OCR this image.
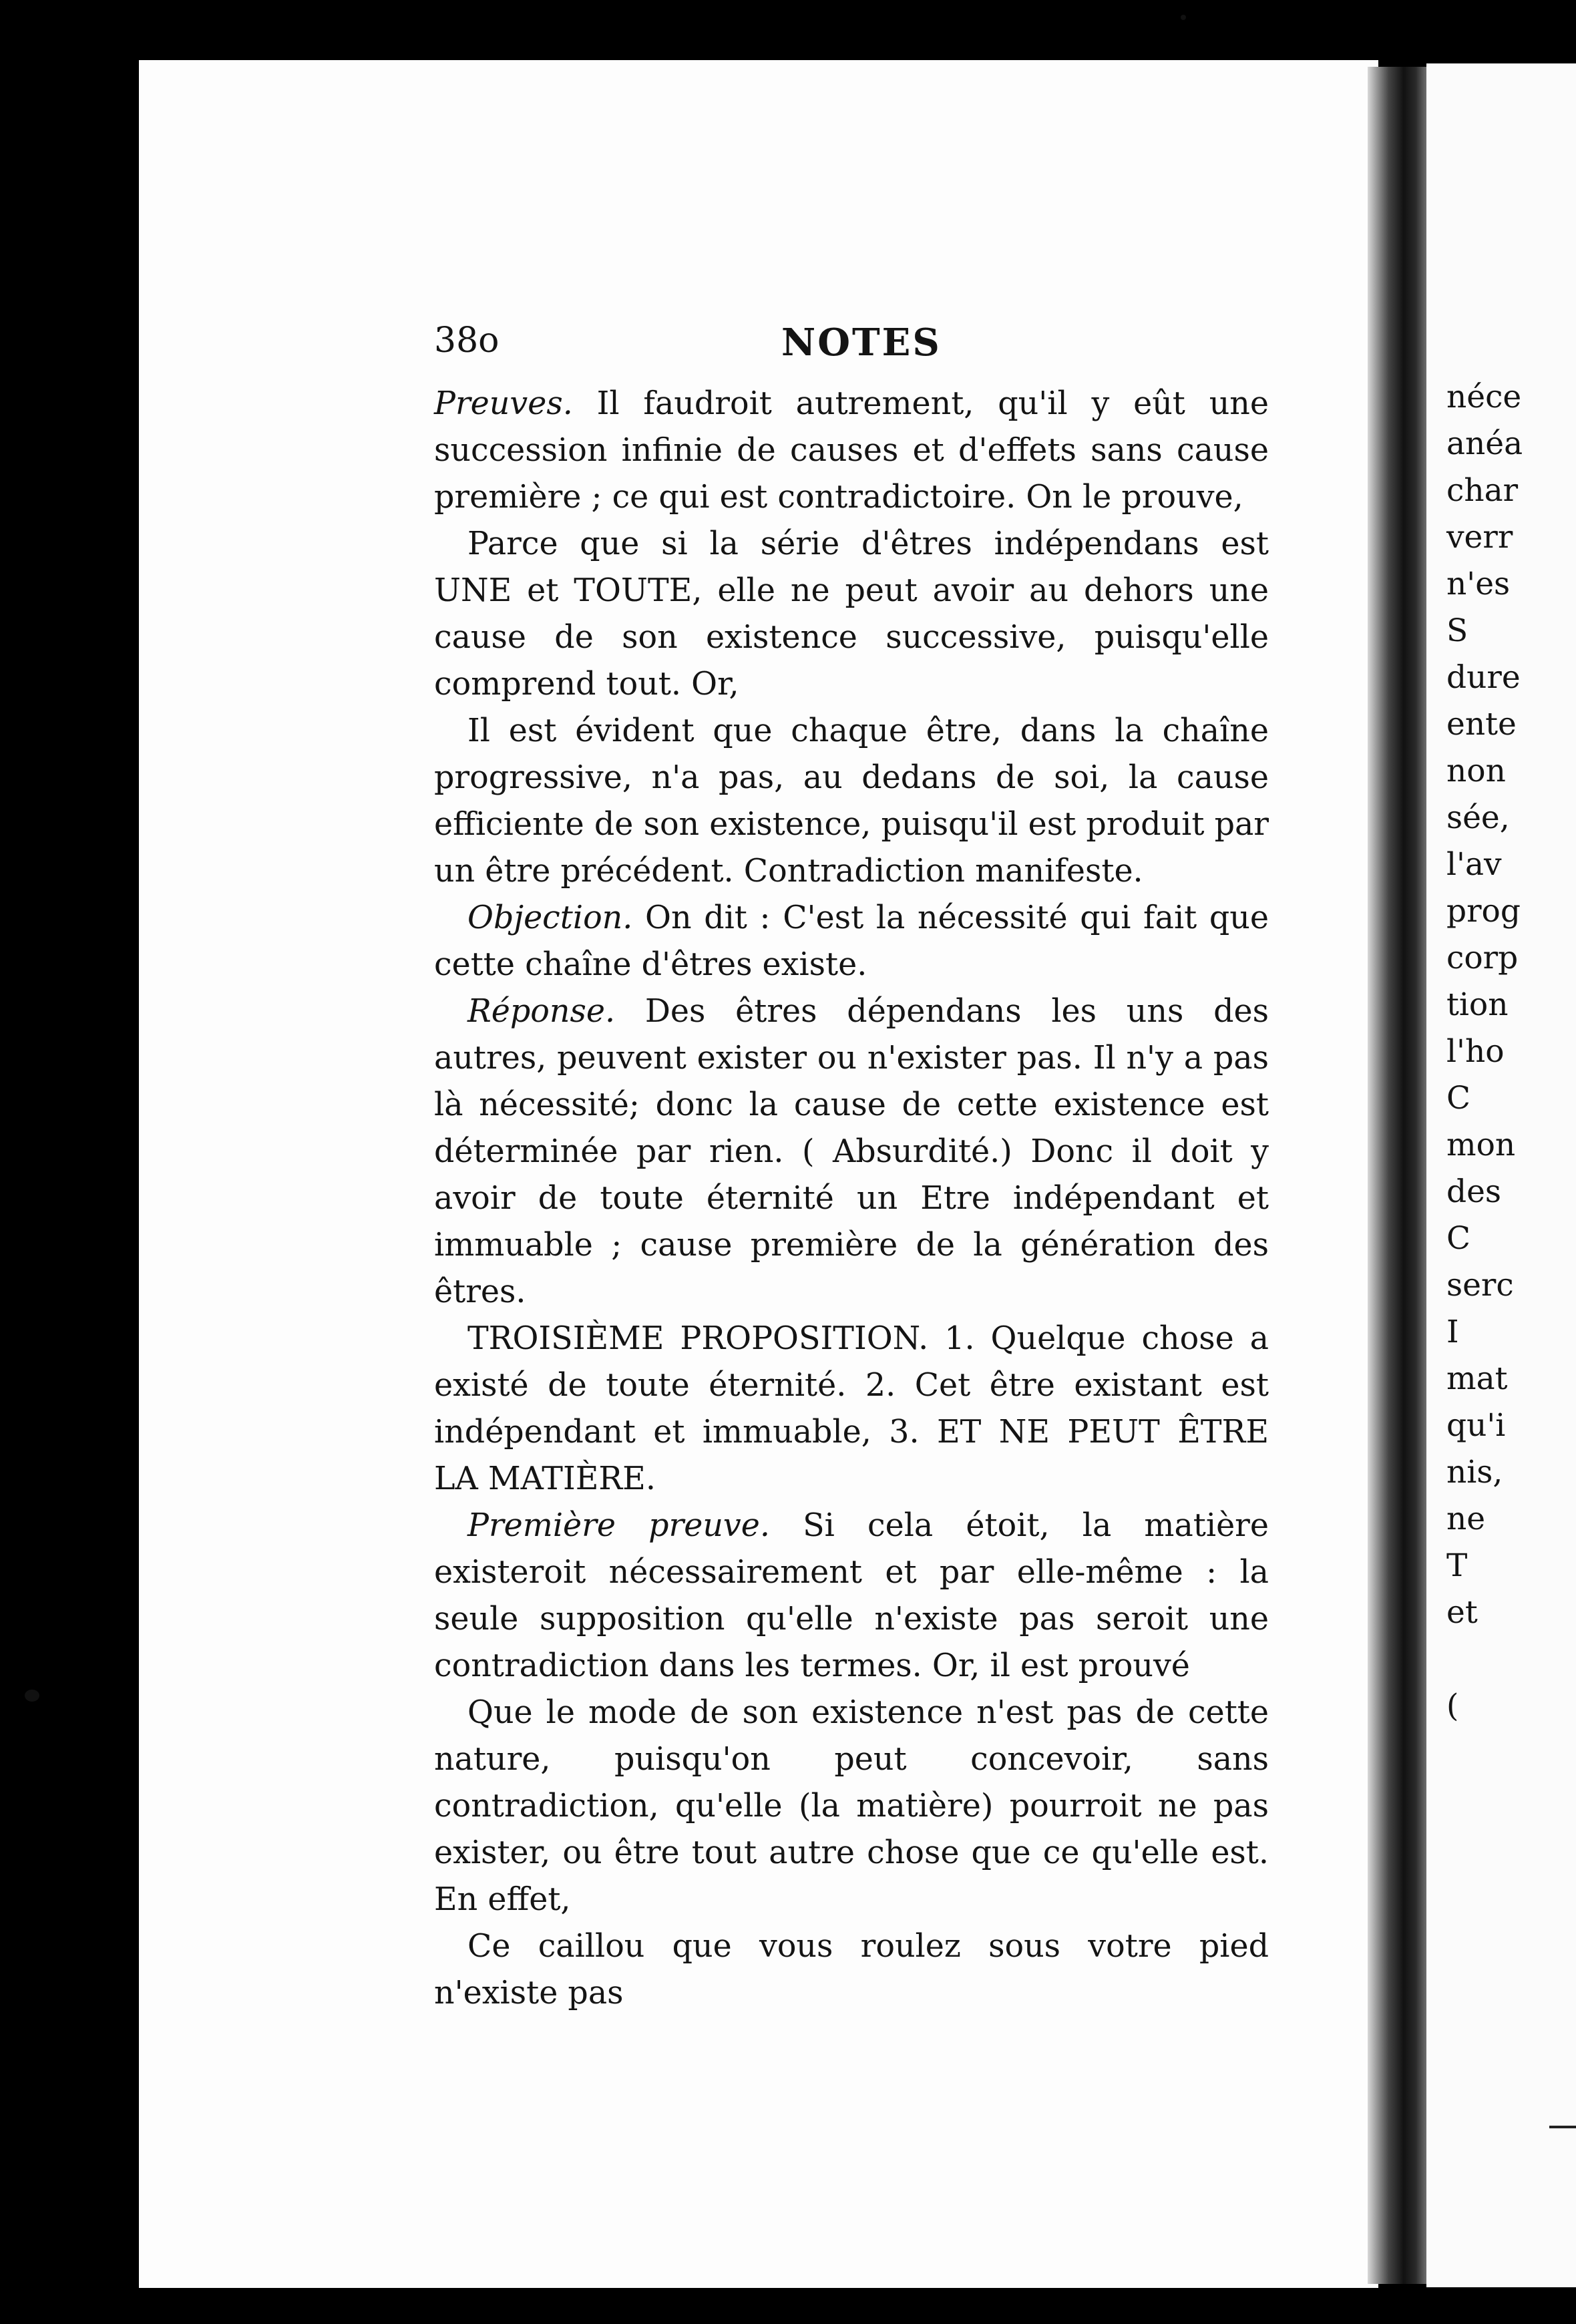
38o	NOTES

Preuves. Il faudroit autrement, qu'il y eût une succession infinie de causes et d'effets sans cause première ; ce qui est contradictoire. On le prouve,

Parce que si la série d'êtres indépendans est UNE et TOUTE, elle ne peut avoir au dehors une cause de son existence successive, puisqu'elle comprend tout. Or,

Il est évident que chaque être, dans la chaîne progressive, n'a pas, au dedans de soi, la cause efficiente de son existence, puisqu'il est produit par un être précédent. Contradiction manifeste.

Objection. On dit : C'est la nécessité qui fait que cette chaîne d'êtres existe.

Réponse. Des êtres dépendans les uns des autres, peuvent exister ou n'exister pas. Il n'y a pas là nécessité; donc la cause de cette existence est déterminée par rien. ( Absurdité.) Donc il doit y avoir de toute éternité un Etre indépendant et immuable ; cause première de la génération des êtres.

TROISIÈME PROPOSITION. 1. Quelque chose a existé de toute éternité. 2. Cet être existant est indépendant et immuable, 3. ET NE PEUT ÊTRE LA MATIÈRE.

Première preuve. Si cela étoit, la matière existeroit nécessairement et par elle-même : la seule supposition qu'elle n'existe pas seroit une contradiction dans les termes. Or, il est prouvé

Que le mode de son existence n'est pas de cette nature, puisqu'on peut concevoir, sans contradiction, qu'elle (la matière) pourroit ne pas exister, ou être tout autre chose que ce qu'elle est. En effet,

Ce caillou que vous roulez sous votre pied n'existe pas

néce
anéa
char
verr
n'es
S
dure
ente
non
sée,
l'av
prog
corp
tion
l'ho
C
mon
des
C
serc
I
mat
qu'i
nis,
ne
T
et

(
